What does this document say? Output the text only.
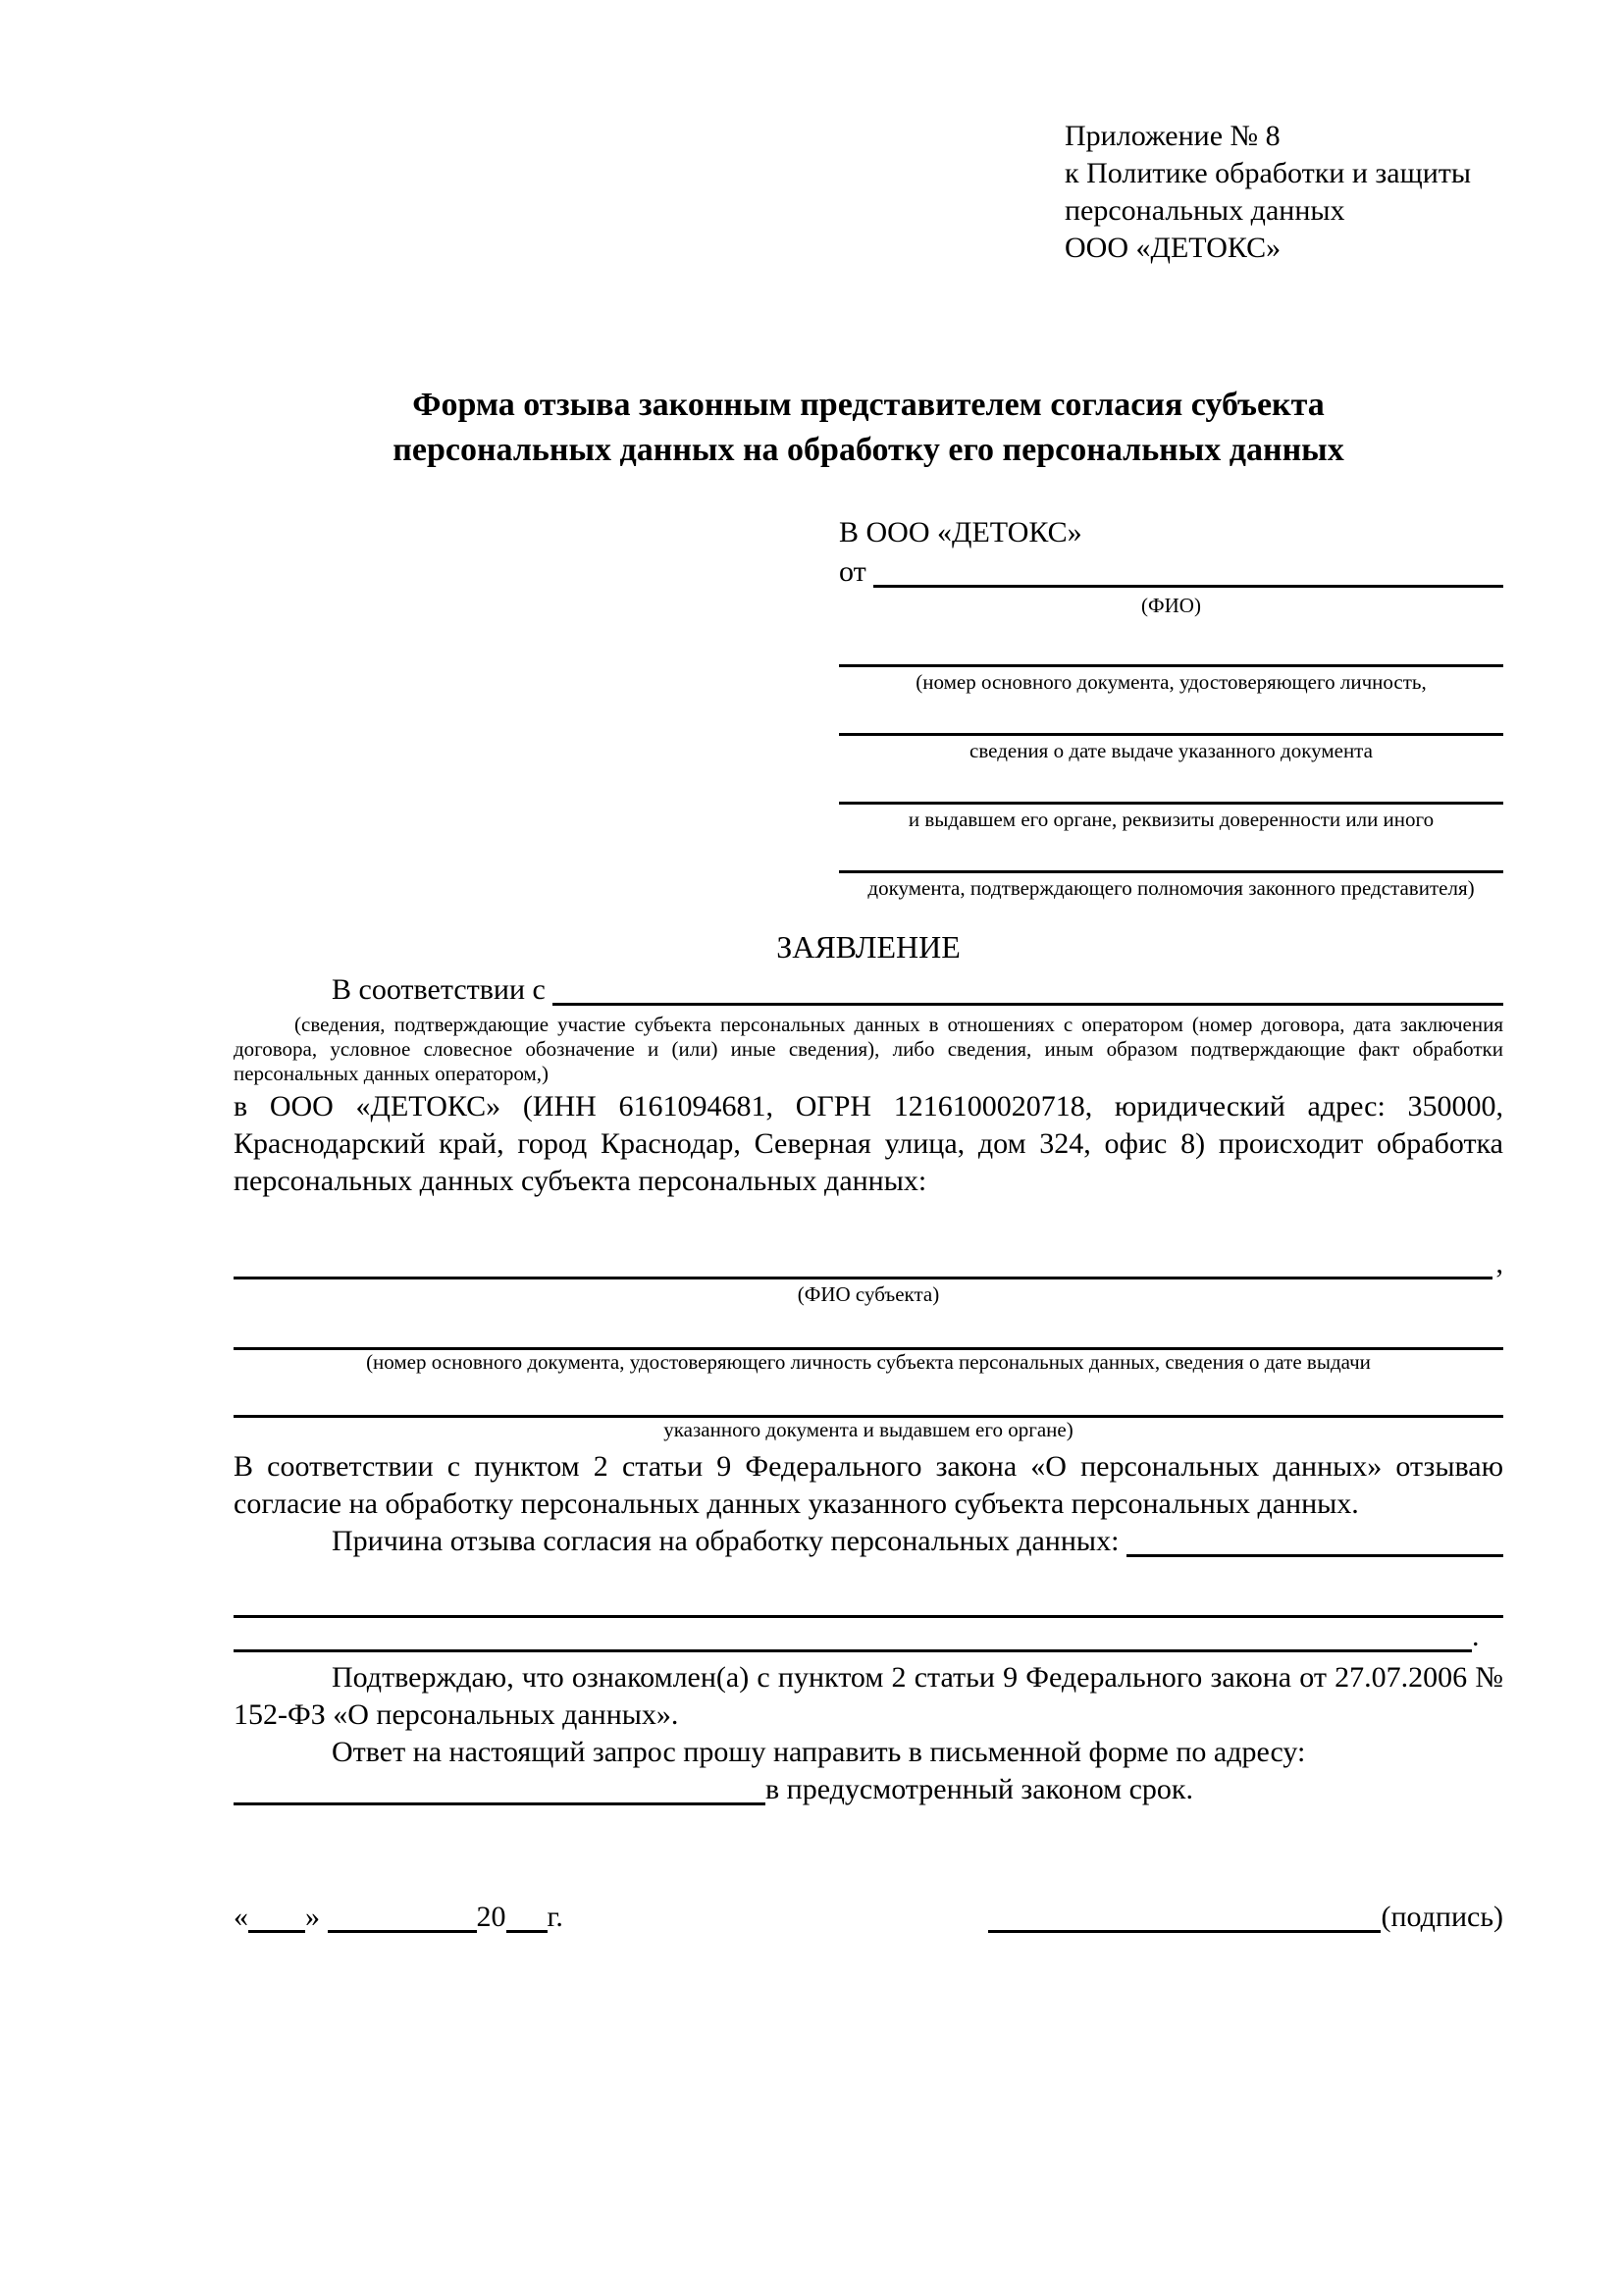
Приложение № 8
к Политике обработки и защиты
персональных данных
ООО «ДЕТОКС»
Форма отзыва законным представителем согласия субъекта
персональных данных на обработку его персональных данных
В ООО «ДЕТОКС»
от
(ФИО)
(номер основного документа, удостоверяющего личность,
сведения о дате выдаче указанного документа
и выдавшем его органе, реквизиты доверенности или иного
документа, подтверждающего полномочия законного представителя)
ЗАЯВЛЕНИЕ
В соответствии с
(сведения, подтверждающие участие субъекта персональных данных в отношениях с оператором (номер договора, дата заключения договора, условное словесное обозначение и (или) иные сведения), либо сведения, иным образом подтверждающие факт обработки персональных данных оператором,)
в ООО «ДЕТОКС» (ИНН 6161094681, ОГРН 1216100020718, юридический адрес: 350000, Краснодарский край, город Краснодар, Северная улица, дом 324, офис 8) происходит обработка персональных данных субъекта персональных данных:
,
(ФИО субъекта)
(номер основного документа, удостоверяющего личность субъекта персональных данных, сведения о дате выдачи
указанного документа и выдавшем его органе)
В соответствии с пунктом 2 статьи 9 Федерального закона «О персональных данных» отзываю согласие на обработку персональных данных указанного субъекта персональных данных.
Причина отзыва согласия на обработку персональных данных:
.
Подтверждаю, что ознакомлен(а) с пунктом 2 статьи 9 Федерального закона от 27.07.2006 № 152-ФЗ «О персональных данных».
Ответ на настоящий запрос прошу направить в письменной форме по адресу:
в предусмотренный законом срок.
« »	20 г.	(подпись)
